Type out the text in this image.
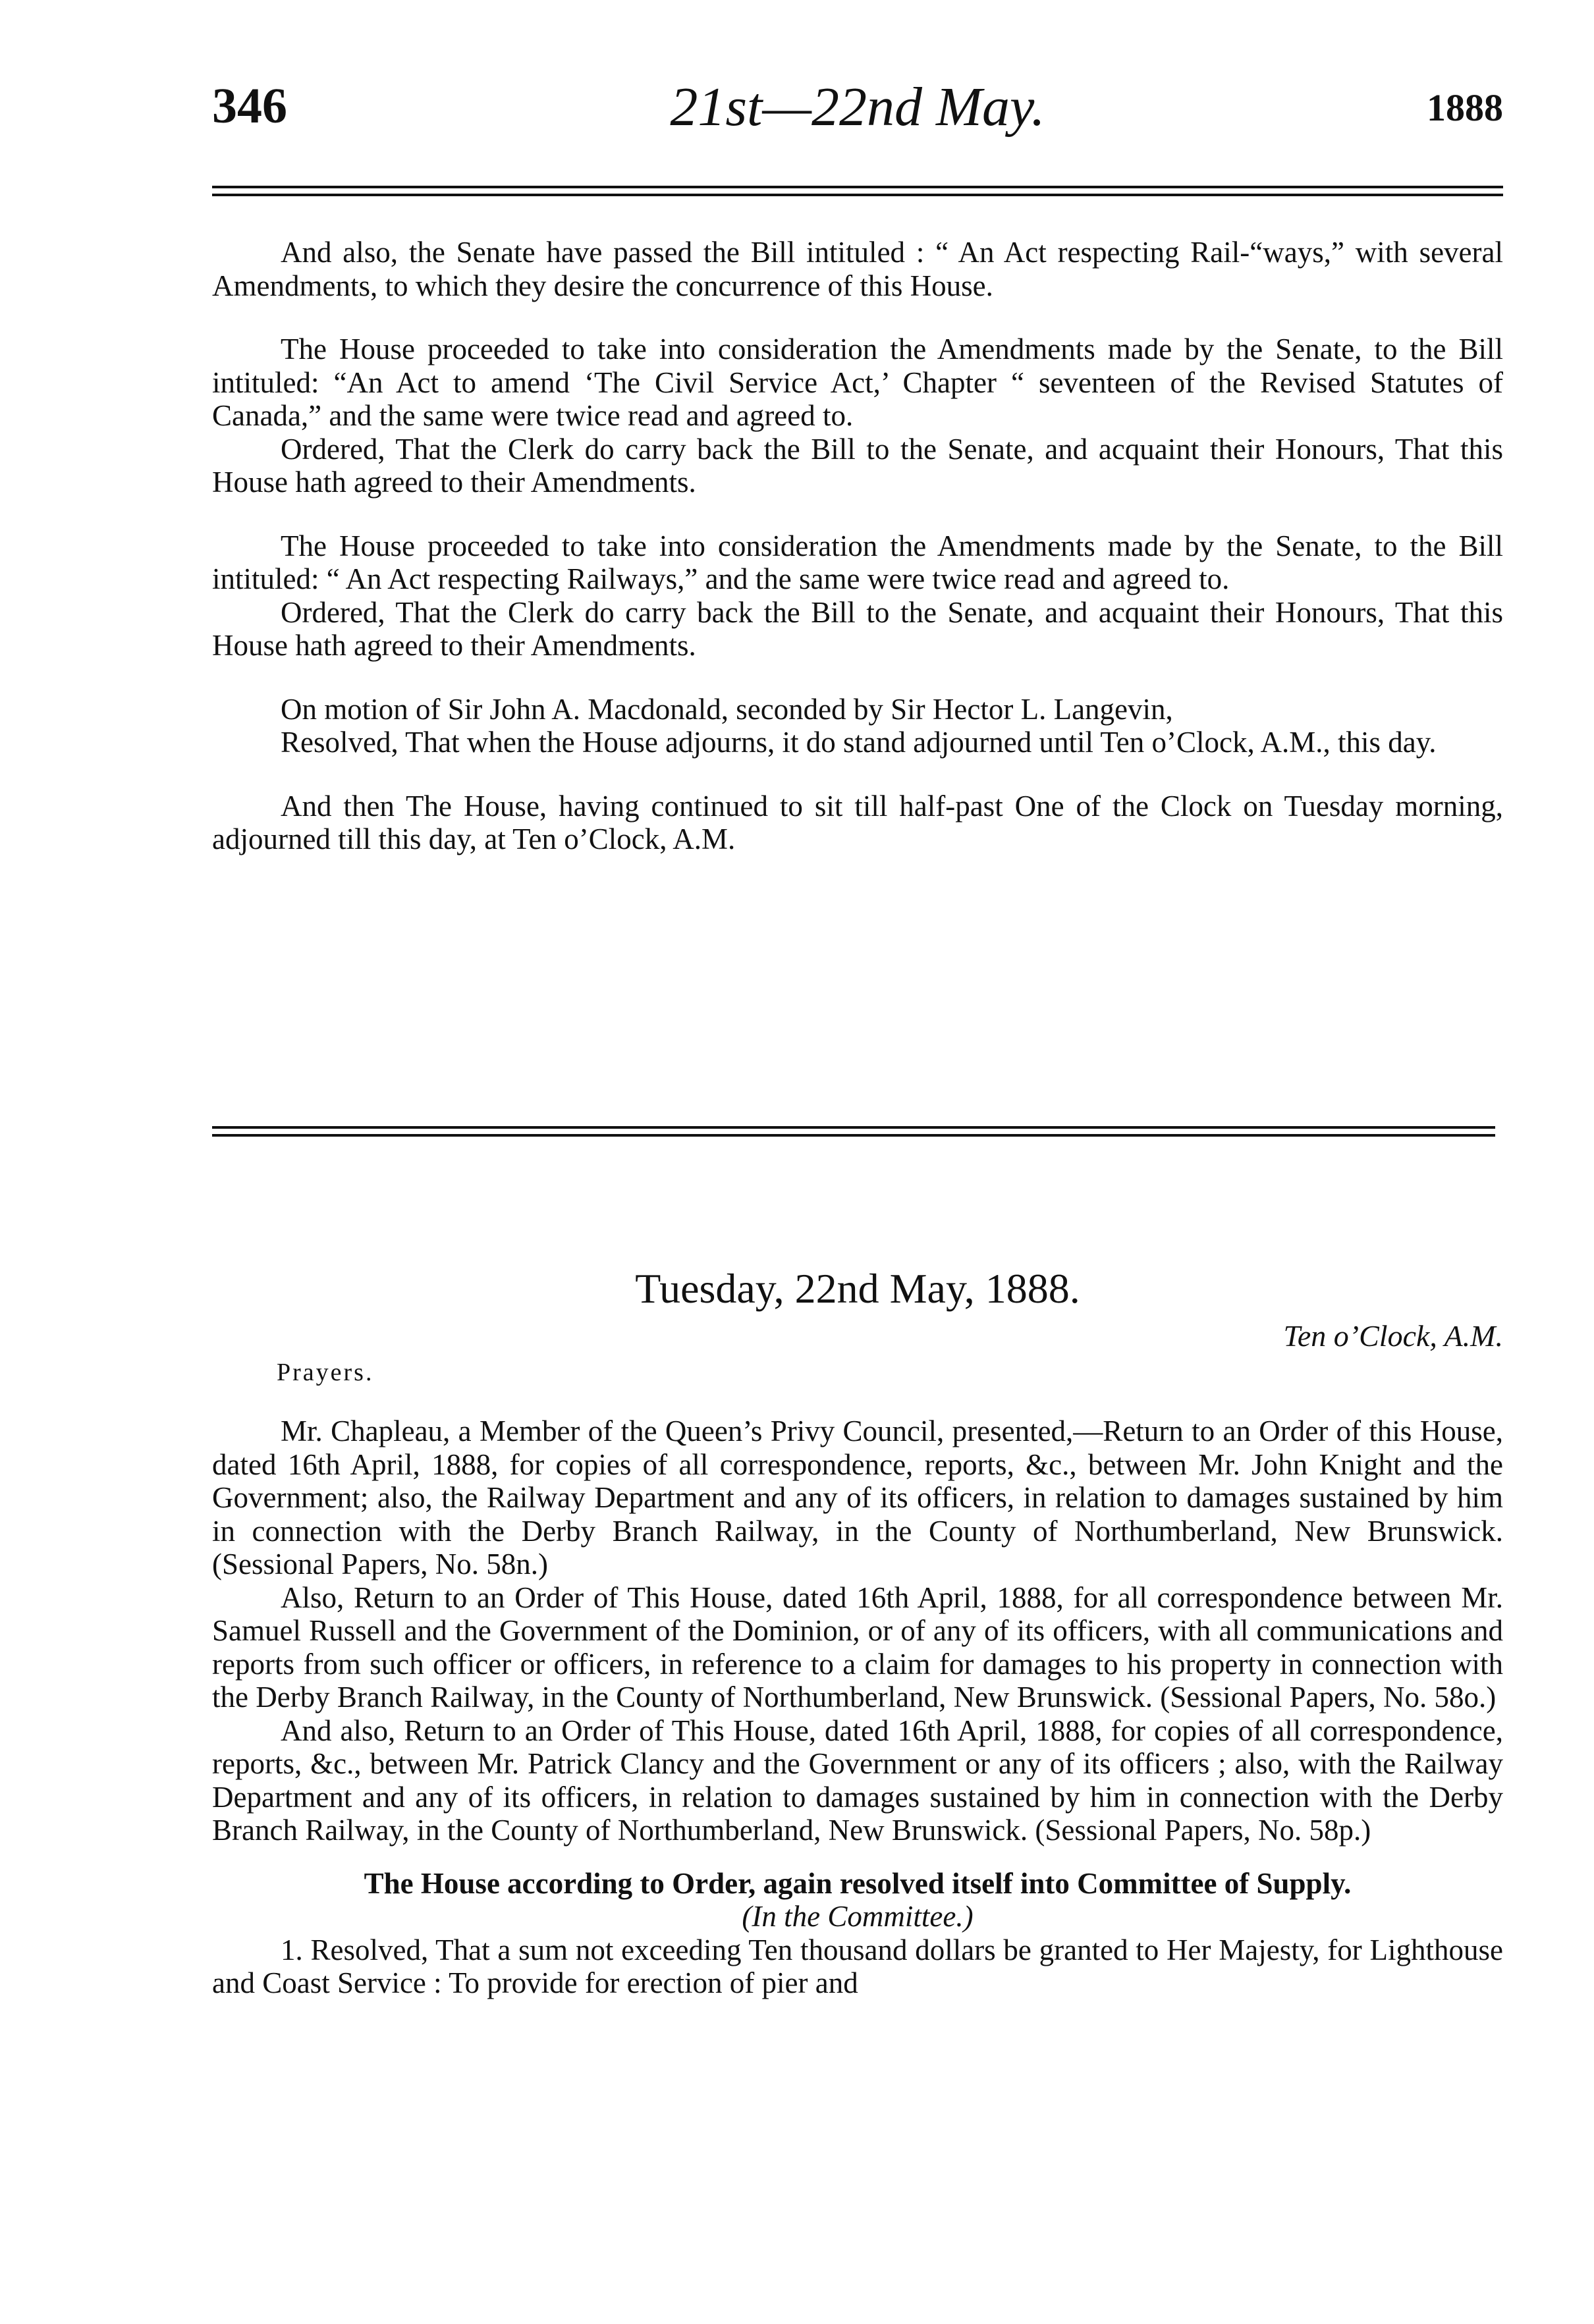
346	21st—22nd May.	1888

And also, the Senate have passed the Bill intituled : “ An Act respecting Rail-“ways,” with several Amendments, to which they desire the concurrence of this House.

The House proceeded to take into consideration the Amendments made by the Senate, to the Bill intituled: “An Act to amend ‘The Civil Service Act,’ Chapter “ seventeen of the Revised Statutes of Canada,” and the same were twice read and agreed to.

Ordered, That the Clerk do carry back the Bill to the Senate, and acquaint their Honours, That this House hath agreed to their Amendments.

The House proceeded to take into consideration the Amendments made by the Senate, to the Bill intituled: “ An Act respecting Railways,” and the same were twice read and agreed to.

Ordered, That the Clerk do carry back the Bill to the Senate, and acquaint their Honours, That this House hath agreed to their Amendments.

On motion of Sir John A. Macdonald, seconded by Sir Hector L. Langevin,

Resolved, That when the House adjourns, it do stand adjourned until Ten o’Clock, A.M., this day.

And then The House, having continued to sit till half-past One of the Clock on Tuesday morning, adjourned till this day, at Ten o’Clock, A.M.

Tuesday, 22nd May, 1888.
Ten o’Clock, A.M.
Prayers.

Mr. Chapleau, a Member of the Queen’s Privy Council, presented,—Return to an Order of this House, dated 16th April, 1888, for copies of all correspondence, reports, &c., between Mr. John Knight and the Government; also, the Railway Department and any of its officers, in relation to damages sustained by him in connection with the Derby Branch Railway, in the County of Northumberland, New Brunswick. (Sessional Papers, No. 58n.)

Also, Return to an Order of This House, dated 16th April, 1888, for all correspondence between Mr. Samuel Russell and the Government of the Dominion, or of any of its officers, with all communications and reports from such officer or officers, in reference to a claim for damages to his property in connection with the Derby Branch Railway, in the County of Northumberland, New Brunswick. (Sessional Papers, No. 58o.)

And also, Return to an Order of This House, dated 16th April, 1888, for copies of all correspondence, reports, &c., between Mr. Patrick Clancy and the Government or any of its officers ; also, with the Railway Department and any of its officers, in relation to damages sustained by him in connection with the Derby Branch Railway, in the County of Northumberland, New Brunswick. (Sessional Papers, No. 58p.)

The House according to Order, again resolved itself into Committee of Supply.

(In the Committee.)

1. Resolved, That a sum not exceeding Ten thousand dollars be granted to Her Majesty, for Lighthouse and Coast Service : To provide for erection of pier and
